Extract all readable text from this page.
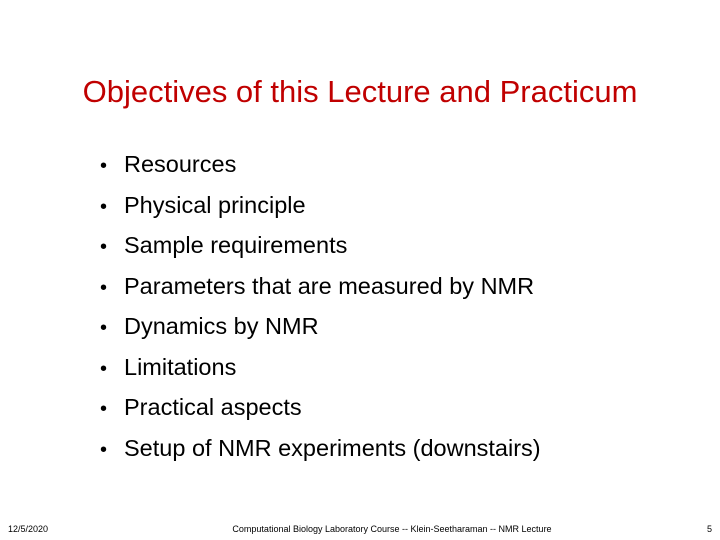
Objectives of this Lecture and Practicum
• Resources
• Physical principle
• Sample requirements
• Parameters that are measured by NMR
• Dynamics by NMR
• Limitations
• Practical aspects
• Setup of NMR experiments (downstairs)
12/5/2020	Computational Biology Laboratory Course -- Klein-Seetharaman -- NMR Lecture	5
